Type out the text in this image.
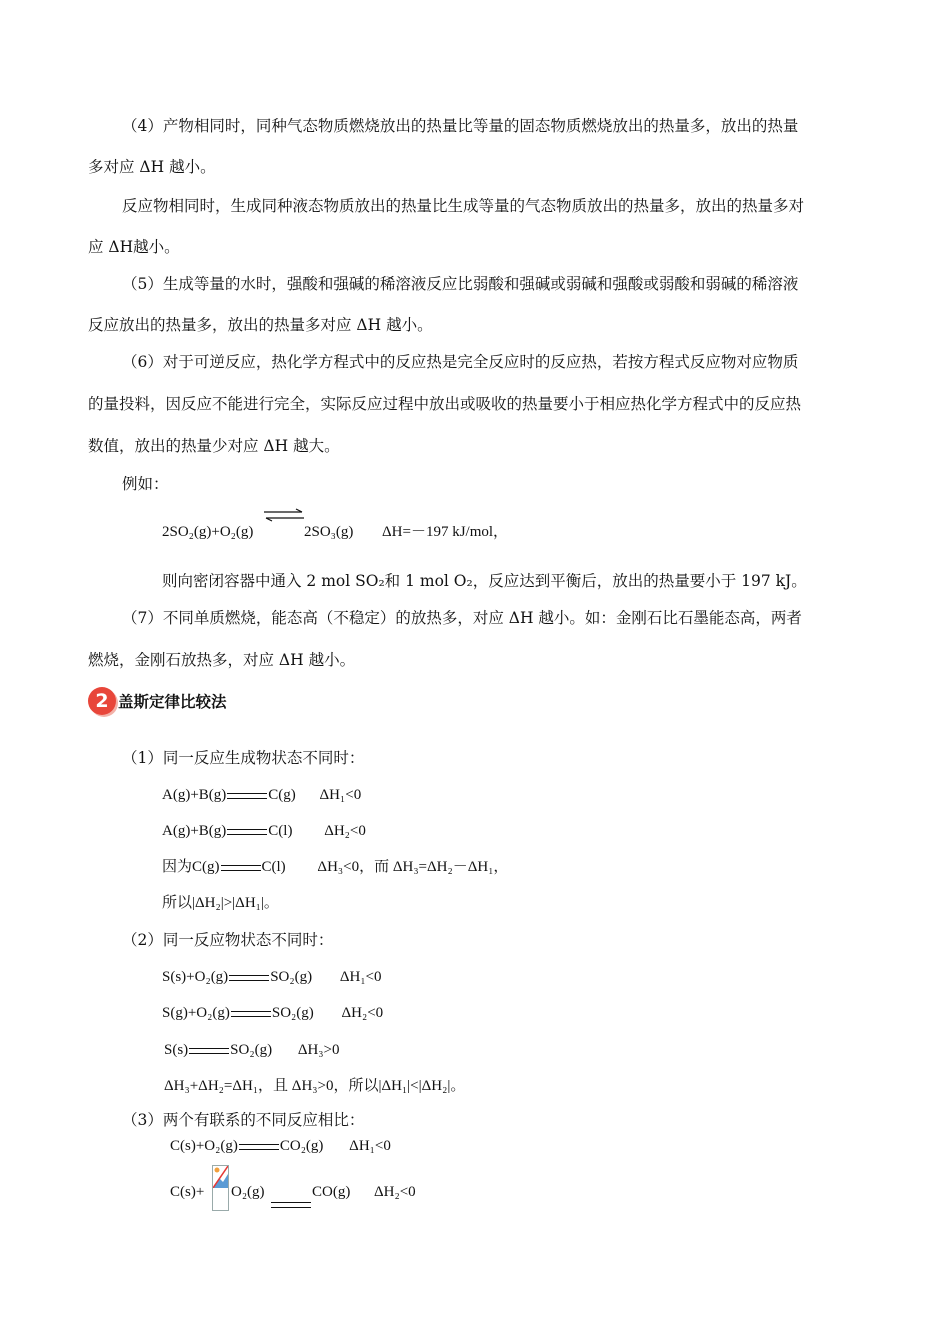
（4）产物相同时，同种气态物质燃烧放出的热量比等量的固态物质燃烧放出的热量多，放出的热量
多对应 ΔH 越小。
反应物相同时，生成同种液态物质放出的热量比生成等量的气态物质放出的热量多，放出的热量多对
应 ΔH越小。
（5）生成等量的水时，强酸和强碱的稀溶液反应比弱酸和强碱或弱碱和强酸或弱酸和弱碱的稀溶液
反应放出的热量多，放出的热量多对应 ΔH 越小。
（6）对于可逆反应，热化学方程式中的反应热是完全反应时的反应热，若按方程式反应物对应物质
的量投料，因反应不能进行完全，实际反应过程中放出或吸收的热量要小于相应热化学方程式中的反应热
数值，放出的热量少对应 ΔH 越大。
例如：
2SO₂(g)+O₂(g)	2SO₃(g) ΔH=－197 kJ/mol，
则向密闭容器中通入 2 mol SO₂和 1 mol O₂，反应达到平衡后，放出的热量要小于 197 kJ。
（7）不同单质燃烧，能态高（不稳定）的放热多，对应 ΔH 越小。如：金刚石比石墨能态高，两者
燃烧，金刚石放热多，对应 ΔH 越小。
2 盖斯定律比较法
（1）同一反应生成物状态不同时：
A(g)+B(g)	C(g) ΔH₁<0
A(g)+B(g)	C(l) ΔH₂<0
因为C(g)	C(l) ΔH₃<0，而 ΔH₃=ΔH₂－ΔH₁，
所以|ΔH₂|>|ΔH₁|。
（2）同一反应物状态不同时：
S(s)+O₂(g)	SO₂(g) ΔH₁<0
S(g)+O₂(g)	SO₂(g) ΔH₂<0
S(s)	SO₂(g) ΔH₃>0
ΔH₃+ΔH₂=ΔH₁，且 ΔH₃>0，所以|ΔH₁|<|ΔH₂|。
（3）两个有联系的不同反应相比：
C(s)+O₂(g)	CO₂(g) ΔH₁<0
C(s)+ O₂(g)	CO(g) ΔH₂<0
